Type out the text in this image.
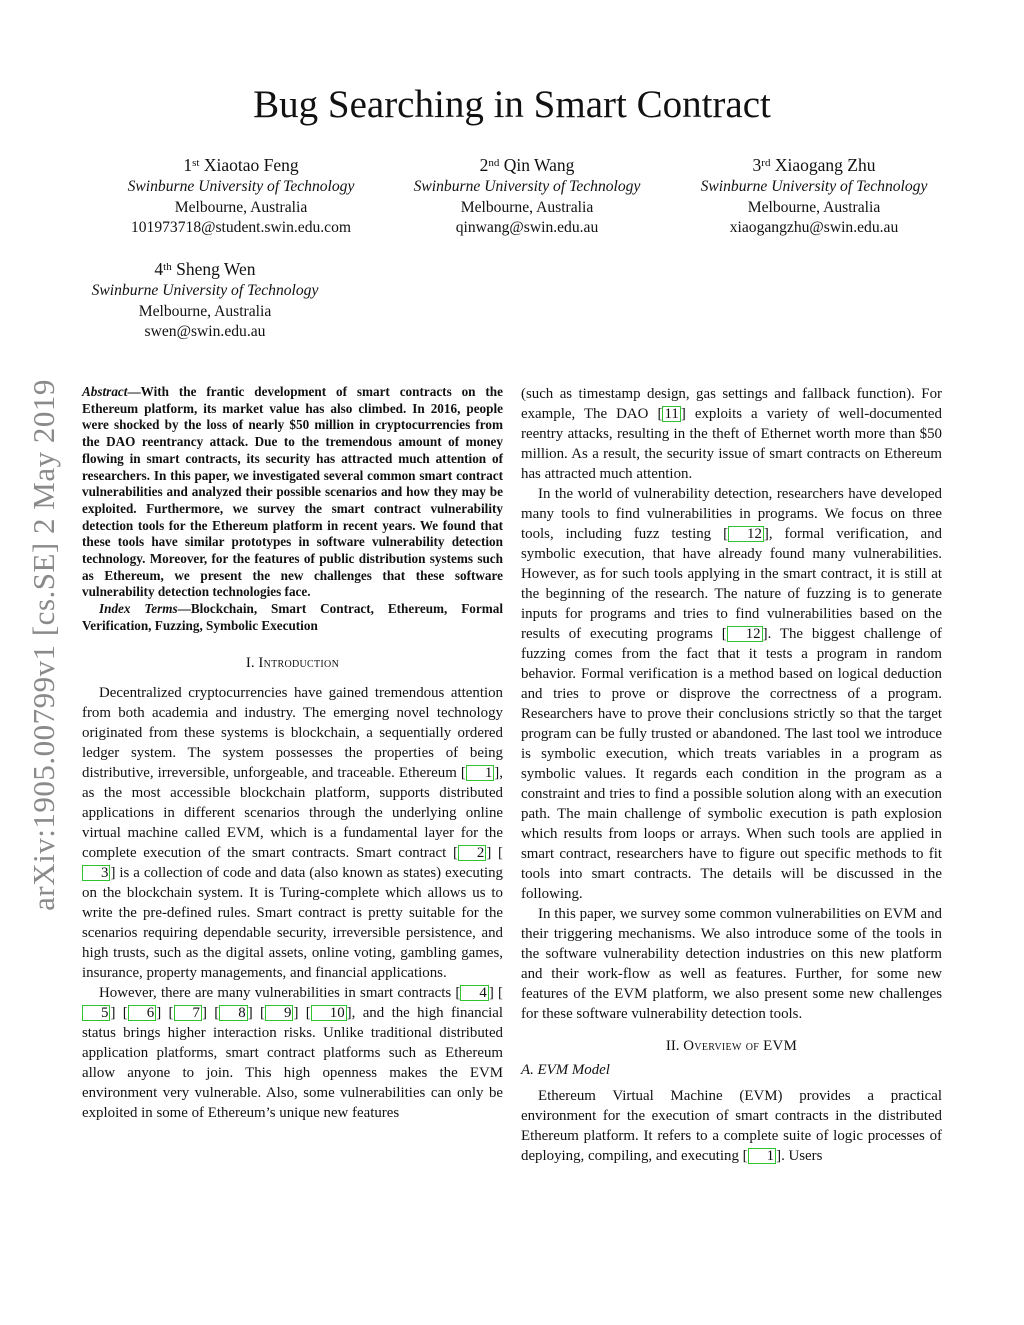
arXiv:1905.00799v1 [cs.SE] 2 May 2019
Bug Searching in Smart Contract
1st Xiaotao Feng
Swinburne University of Technology
Melbourne, Australia
101973718@student.swin.edu.com
2nd Qin Wang
Swinburne University of Technology
Melbourne, Australia
qinwang@swin.edu.au
3rd Xiaogang Zhu
Swinburne University of Technology
Melbourne, Australia
xiaogangzhu@swin.edu.au
4th Sheng Wen
Swinburne University of Technology
Melbourne, Australia
swen@swin.edu.au

Abstract—With the frantic development of smart contracts on the Ethereum platform, its market value has also climbed. In 2016, people were shocked by the loss of nearly $50 million in cryptocurrencies from the DAO reentrancy attack. Due to the tremendous amount of money flowing in smart contracts, its security has attracted much attention of researchers. In this paper, we investigated several common smart contract vulnerabilities and analyzed their possible scenarios and how they may be exploited. Furthermore, we survey the smart contract vulnerability detection tools for the Ethereum platform in recent years. We found that these tools have similar prototypes in software vulnerability detection technology. Moreover, for the features of public distribution systems such as Ethereum, we present the new challenges that these software vulnerability detection technologies face.

Index Terms—Blockchain, Smart Contract, Ethereum, Formal Verification, Fuzzing, Symbolic Execution

I. Introduction

Decentralized cryptocurrencies have gained tremendous attention from both academia and industry. The emerging novel technology originated from these systems is blockchain, a sequentially ordered ledger system. The system possesses the properties of being distributive, irreversible, unforgeable, and traceable. Ethereum [ 1 ], as the most accessible blockchain platform, supports distributed applications in different scenarios through the underlying online virtual machine called EVM, which is a fundamental layer for the complete execution of the smart contracts. Smart contract [ 2 ] [3 ] is a collection of code and data (also known as states) executing on the blockchain system. It is Turing-complete which allows us to write the pre-defined rules. Smart contract is pretty suitable for the scenarios requiring dependable security, irreversible persistence, and high trusts, such as the digital assets, online voting, gambling games, insurance, property managements, and financial applications.

However, there are many vulnerabilities in smart contracts [ 4 ] [5 ] [ 6 ] [ 7 ] [ 8 ] [ 9 ] [ 10 ], and the high financial status brings higher interaction risks. Unlike traditional distributed application platforms, smart contract platforms such as Ethereum allow anyone to join. This high openness makes the EVM environment very vulnerable. Also, some vulnerabilities can only be exploited in some of Ethereum’s unique new features

(such as timestamp design, gas settings and fallback function). For example, The DAO [ 11 ] exploits a variety of well-documented reentry attacks, resulting in the theft of Ethernet worth more than $50 million. As a result, the security issue of smart contracts on Ethereum has attracted much attention.

In the world of vulnerability detection, researchers have developed many tools to find vulnerabilities in programs. We focus on three tools, including fuzz testing [ 12 ], formal verification, and symbolic execution, that have already found many vulnerabilities. However, as for such tools applying in the smart contract, it is still at the beginning of the research. The nature of fuzzing is to generate inputs for programs and tries to find vulnerabilities based on the results of executing programs [ 12 ]. The biggest challenge of fuzzing comes from the fact that it tests a program in random behavior. Formal verification is a method based on logical deduction and tries to prove or disprove the correctness of a program. Researchers have to prove their conclusions strictly so that the target program can be fully trusted or abandoned. The last tool we introduce is symbolic execution, which treats variables in a program as symbolic values. It regards each condition in the program as a constraint and tries to find a possible solution along with an execution path. The main challenge of symbolic execution is path explosion which results from loops or arrays. When such tools are applied in smart contract, researchers have to figure out specific methods to fit tools into smart contracts. The details will be discussed in the following.

In this paper, we survey some common vulnerabilities on EVM and their triggering mechanisms. We also introduce some of the tools in the software vulnerability detection industries on this new platform and their work-flow as well as features. Further, for some new features of the EVM platform, we also present some new challenges for these software vulnerability detection tools.

II. Overview of EVM
A. EVM Model

Ethereum Virtual Machine (EVM) provides a practical environment for the execution of smart contracts in the distributed Ethereum platform. It refers to a complete suite of logic processes of deploying, compiling, and executing [ 1 ]. Users
